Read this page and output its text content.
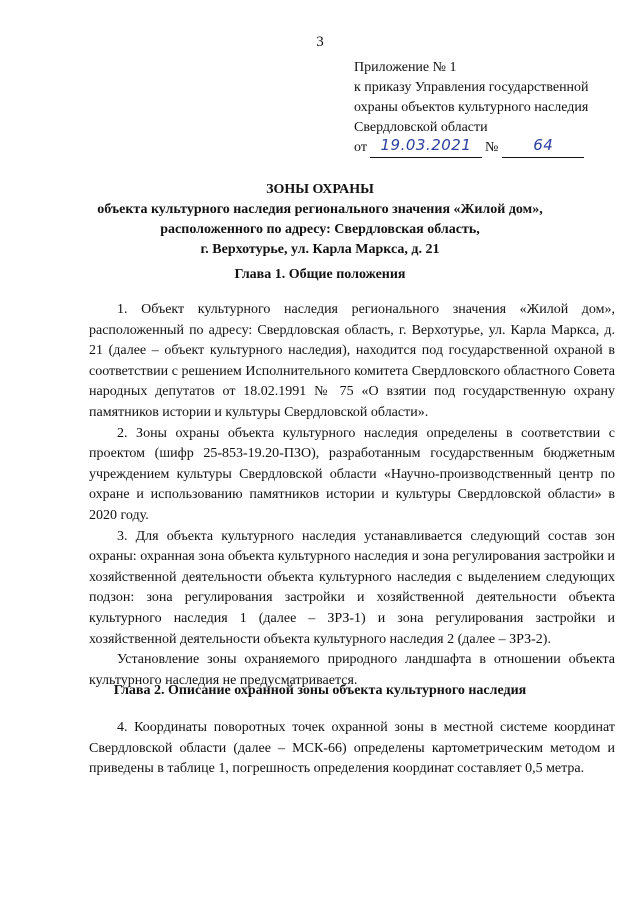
3
Приложение № 1
к приказу Управления государственной
охраны объектов культурного наследия
Свердловской области
от 19.03.2021 №	64
ЗОНЫ ОХРАНЫ
объекта культурного наследия регионального значения «Жилой дом»,
расположенного по адресу: Свердловская область,
г. Верхотурье, ул. Карла Маркса, д. 21
Глава 1. Общие положения

1. Объект культурного наследия регионального значения «Жилой дом», расположенный по адресу: Свердловская область, г. Верхотурье, ул. Карла Маркса, д. 21 (далее – объект культурного наследия), находится под государственной охраной в соответствии с решением Исполнительного комитета Свердловского областного Совета народных депутатов от 18.02.1991 № 75 «О взятии под государственную охрану памятников истории и культуры Свердловской области».

2. Зоны охраны объекта культурного наследия определены в соответствии с проектом (шифр 25-853-19.20-ПЗО), разработанным государственным бюджетным учреждением культуры Свердловской области «Научно-производственный центр по охране и использованию памятников истории и культуры Свердловской области» в 2020 году.

3. Для объекта культурного наследия устанавливается следующий состав зон охраны: охранная зона объекта культурного наследия и зона регулирования застройки и хозяйственной деятельности объекта культурного наследия с выделением следующих подзон: зона регулирования застройки и хозяйственной деятельности объекта культурного наследия 1 (далее – ЗРЗ-1) и зона регулирования застройки и хозяйственной деятельности объекта культурного наследия 2 (далее – ЗРЗ-2).

Установление зоны охраняемого природного ландшафта в отношении объекта культурного наследия не предусматривается.

Глава 2. Описание охранной зоны объекта культурного наследия

4. Координаты поворотных точек охранной зоны в местной системе координат Свердловской области (далее – МСК-66) определены картометрическим методом и приведены в таблице 1, погрешность определения координат составляет 0,5 метра.
